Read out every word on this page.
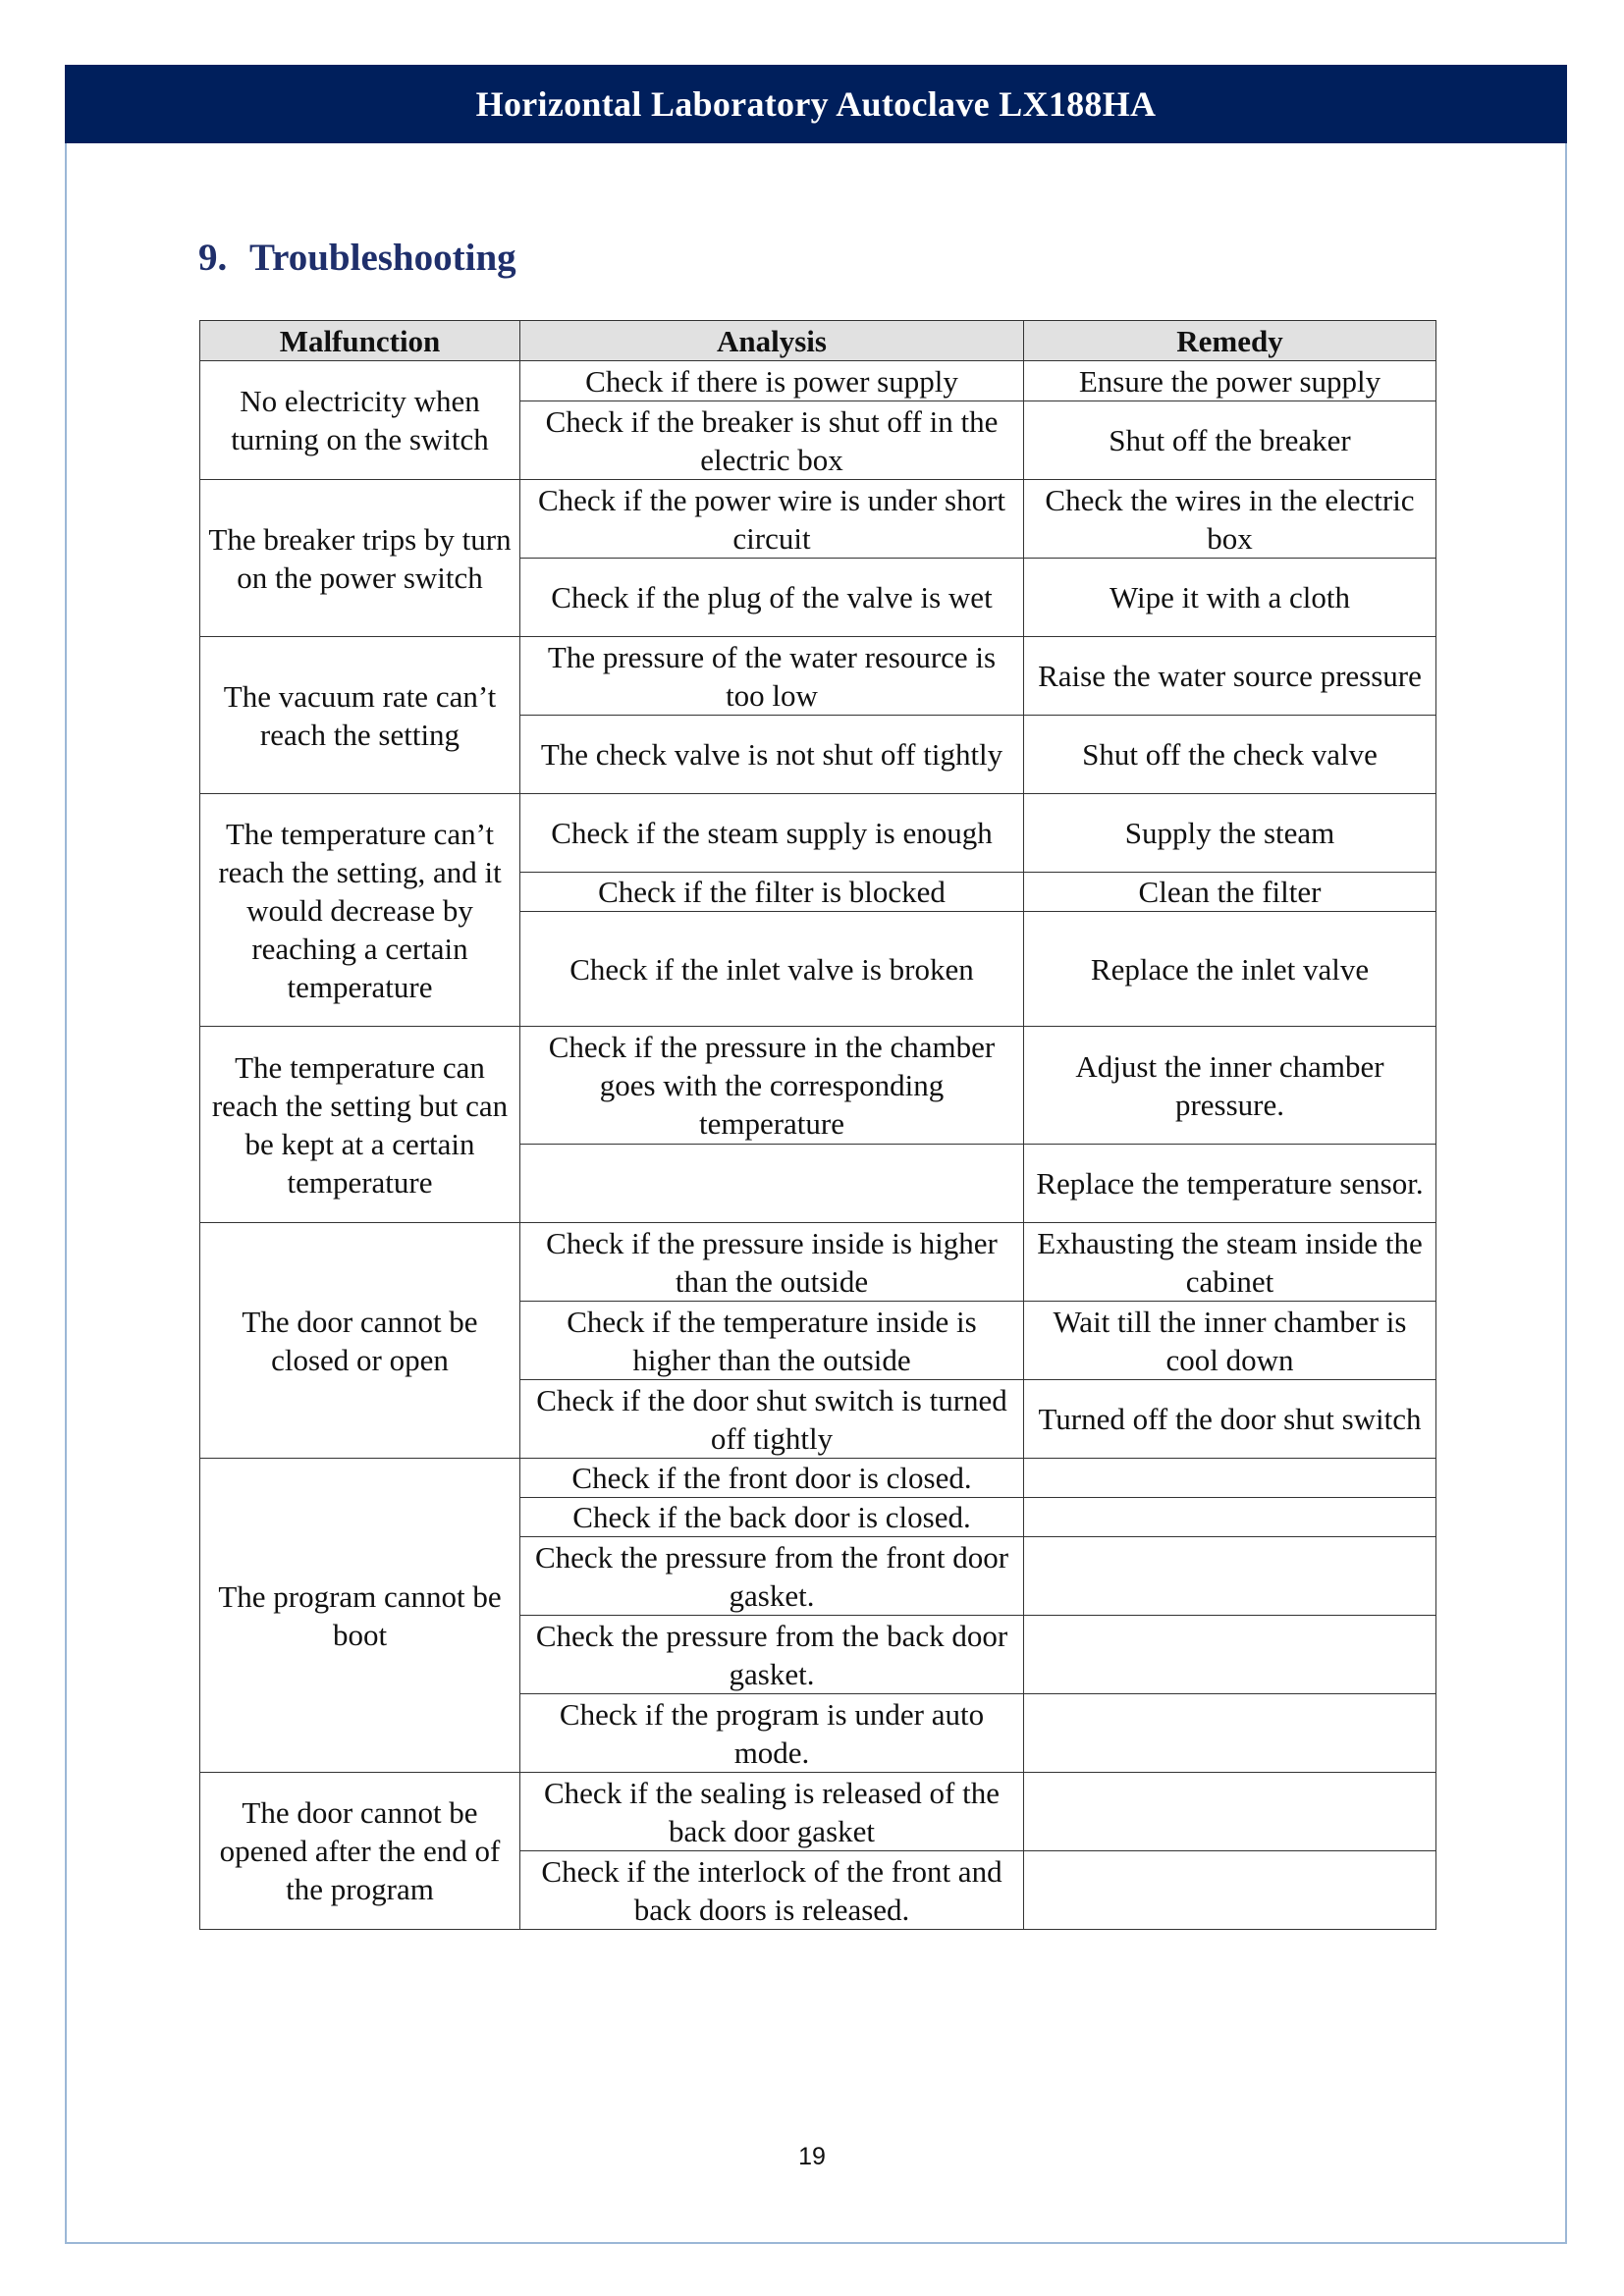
Horizontal Laboratory Autoclave LX188HA
9. Troubleshooting
Malfunction	Analysis	Remedy
No electricity when turning on the switch	Check if there is power supply	Ensure the power supply
	Check if the breaker is shut off in the electric box	Shut off the breaker
The breaker trips by turn on the power switch	Check if the power wire is under short circuit	Check the wires in the electric box
	Check if the plug of the valve is wet	Wipe it with a cloth
The vacuum rate can’t reach the setting	The pressure of the water resource is too low	Raise the water source pressure
	The check valve is not shut off tightly	Shut off the check valve
The temperature can’t reach the setting, and it would decrease by reaching a certain temperature	Check if the steam supply is enough	Supply the steam
	Check if the filter is blocked	Clean the filter
	Check if the inlet valve is broken	Replace the inlet valve
The temperature can reach the setting but can be kept at a certain temperature	Check if the pressure in the chamber goes with the corresponding temperature	Adjust the inner chamber pressure.
		Replace the temperature sensor.
The door cannot be closed or open	Check if the pressure inside is higher than the outside	Exhausting the steam inside the cabinet
	Check if the temperature inside is higher than the outside	Wait till the inner chamber is cool down
	Check if the door shut switch is turned off tightly	Turned off the door shut switch
The program cannot be boot	Check if the front door is closed.	
	Check if the back door is closed.	
	Check the pressure from the front door gasket.	
	Check the pressure from the back door gasket.	
	Check if the program is under auto mode.	
The door cannot be opened after the end of the program	Check if the sealing is released of the back door gasket	
	Check if the interlock of the front and back doors is released.	
19
